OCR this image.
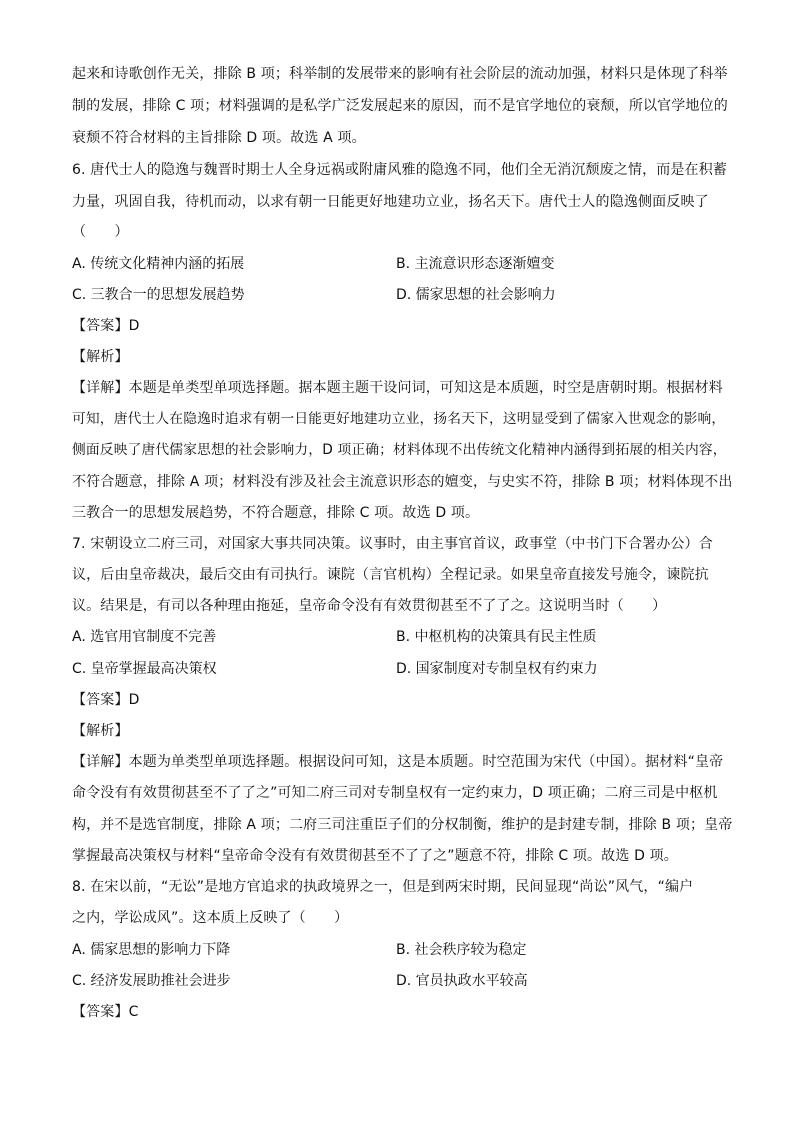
起来和诗歌创作无关，排除 B 项；科举制的发展带来的影响有社会阶层的流动加强，材料只是体现了科举
制的发展，排除 C 项；材料强调的是私学广泛发展起来的原因，而不是官学地位的衰颓，所以官学地位的
衰颓不符合材料的主旨排除 D 项。故选 A 项。
6. 唐代士人的隐逸与魏晋时期士人全身远祸或附庸风雅的隐逸不同，他们全无消沉颓废之情，而是在积蓄
力量，巩固自我，待机而动，以求有朝一日能更好地建功立业，扬名天下。唐代士人的隐逸侧面反映了
（　　）
A. 传统文化精神内涵的拓展	B. 主流意识形态逐渐嬗变
C. 三教合一的思想发展趋势	D. 儒家思想的社会影响力
【答案】D
【解析】
【详解】本题是单类型单项选择题。据本题主题干设问词，可知这是本质题，时空是唐朝时期。根据材料
可知，唐代士人在隐逸时追求有朝一日能更好地建功立业，扬名天下，这明显受到了儒家入世观念的影响，
侧面反映了唐代儒家思想的社会影响力，D 项正确；材料体现不出传统文化精神内涵得到拓展的相关内容，
不符合题意，排除 A 项；材料没有涉及社会主流意识形态的嬗变，与史实不符，排除 B 项；材料体现不出
三教合一的思想发展趋势，不符合题意，排除 C 项。故选 D 项。
7. 宋朝设立二府三司，对国家大事共同决策。议事时，由主事官首议，政事堂（中书门下合署办公）合
议，后由皇帝裁决，最后交由有司执行。谏院（言官机构）全程记录。如果皇帝直接发号施令，谏院抗
议。结果是，有司以各种理由拖延，皇帝命令没有有效贯彻甚至不了了之。这说明当时（　　）
A. 选官用官制度不完善	B. 中枢机构的决策具有民主性质
C. 皇帝掌握最高决策权	D. 国家制度对专制皇权有约束力
【答案】D
【解析】
【详解】本题为单类型单项选择题。根据设问可知，这是本质题。时空范围为宋代（中国）。据材料“皇帝
命令没有有效贯彻甚至不了了之”可知二府三司对专制皇权有一定约束力，D 项正确；二府三司是中枢机
构，并不是选官制度，排除 A 项；二府三司注重臣子们的分权制衡，维护的是封建专制，排除 B 项；皇帝
掌握最高决策权与材料“皇帝命令没有有效贯彻甚至不了了之”题意不符，排除 C 项。故选 D 项。
8. 在宋以前，“无讼”是地方官追求的执政境界之一，但是到两宋时期，民间显现“尚讼”风气，“编户
之内，学讼成风”。这本质上反映了（　　）
A. 儒家思想的影响力下降	B. 社会秩序较为稳定
C. 经济发展助推社会进步	D. 官员执政水平较高
【答案】C
